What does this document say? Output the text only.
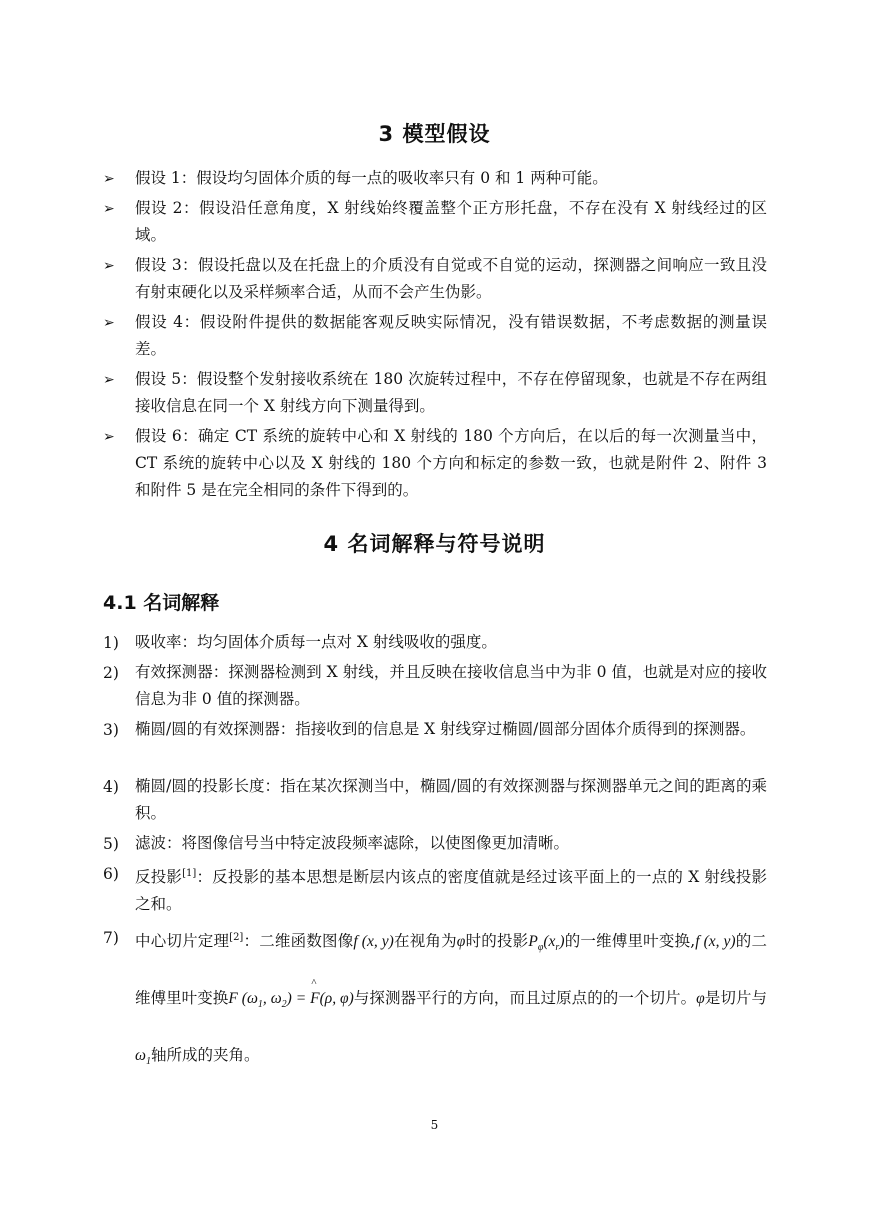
3 模型假设
➢ 假设 1：假设均匀固体介质的每一点的吸收率只有 0 和 1 两种可能。
➢ 假设 2：假设沿任意角度，X 射线始终覆盖整个正方形托盘，不存在没有 X 射线经过的区域。
➢ 假设 3：假设托盘以及在托盘上的介质没有自觉或不自觉的运动，探测器之间响应一致且没有射束硬化以及采样频率合适，从而不会产生伪影。
➢ 假设 4：假设附件提供的数据能客观反映实际情况，没有错误数据，不考虑数据的测量误差。
➢ 假设 5：假设整个发射接收系统在 180 次旋转过程中，不存在停留现象，也就是不存在两组接收信息在同一个 X 射线方向下测量得到。
➢ 假设 6：确定 CT 系统的旋转中心和 X 射线的 180 个方向后，在以后的每一次测量当中，CT 系统的旋转中心以及 X 射线的 180 个方向和标定的参数一致，也就是附件 2、附件 3 和附件 5 是在完全相同的条件下得到的。
4 名词解释与符号说明
4.1 名词解释
1) 吸收率：均匀固体介质每一点对 X 射线吸收的强度。
2) 有效探测器：探测器检测到 X 射线，并且反映在接收信息当中为非 0 值，也就是对应的接收信息为非 0 值的探测器。
3) 椭圆/圆的有效探测器：指接收到的信息是 X 射线穿过椭圆/圆部分固体介质得到的探测器。
4) 椭圆/圆的投影长度：指在某次探测当中，椭圆/圆的有效探测器与探测器单元之间的距离的乘积。
5) 滤波：将图像信号当中特定波段频率滤除，以使图像更加清晰。
6) 反投影[1]：反投影的基本思想是断层内该点的密度值就是经过该平面上的一点的 X 射线投影之和。
7) 中心切片定理[2]：二维函数图像f (x, y)在视角为φ时的投影$P_\varphi(x_r)$的一维傅里叶变换,f (x, y)的二维傅里叶变换F ($\omega_1$, $\omega_2$) =
^
F(ρ, φ)与探测器平行的方向，而且过原点的的一个切片。φ是切片与$\omega_1$轴所成的夹角。
5
